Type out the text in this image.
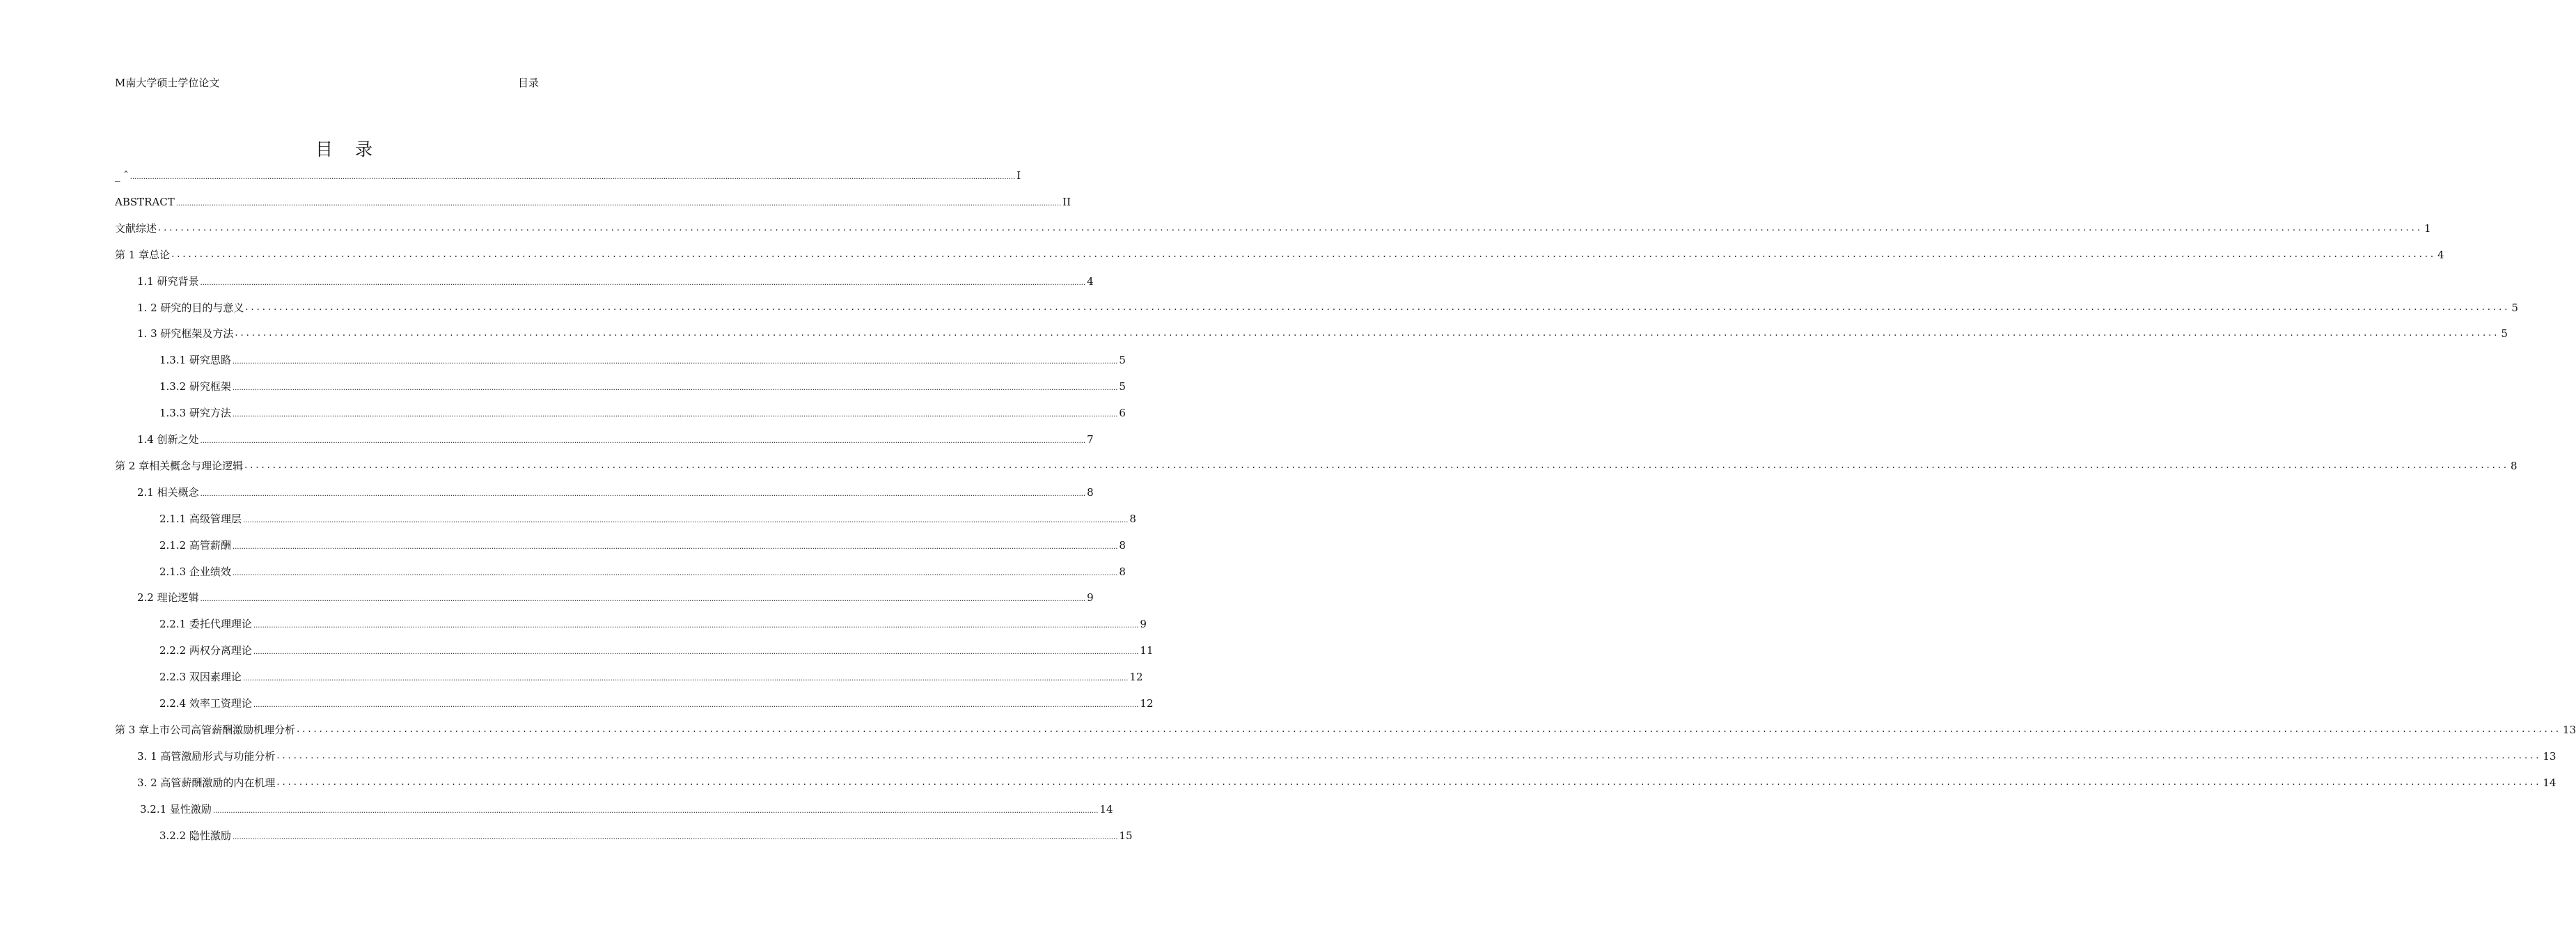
M南大学硕士学位论文	目录
目 录
_ ˆ ................................................................................................................................................................................................................................................................................................................................................................................................................ I
ABSTRACT ................................................................................................................................................................................................................................................................................................................................................................................................................ II
文献综述 ................................................................................................................................................................................................................................................................................................................................................................................................................ 1
第 1 章总论 ................................................................................................................................................................................................................................................................................................................................................................................................................ 4
1.1 研究背景 ................................................................................................................................................................................................................................................................................................................................................................................................................ 4
1. 2 研究的目的与意义 ................................................................................................................................................................................................................................................................................................................................................................................................................ 5
1. 3 研究框架及方法 ................................................................................................................................................................................................................................................................................................................................................................................................................ 5
1.3.1 研究思路 ................................................................................................................................................................................................................................................................................................................................................................................................................ 5
1.3.2 研究框架 ................................................................................................................................................................................................................................................................................................................................................................................................................ 5
1.3.3 研究方法 ................................................................................................................................................................................................................................................................................................................................................................................................................ 6
1.4 创新之处 ................................................................................................................................................................................................................................................................................................................................................................................................................ 7
第 2 章相关概念与理论逻辑 ................................................................................................................................................................................................................................................................................................................................................................................................................ 8
2.1 相关概念 ................................................................................................................................................................................................................................................................................................................................................................................................................ 8
2.1.1 高级管理层 ................................................................................................................................................................................................................................................................................................................................................................................................................ 8
2.1.2 高管薪酬 ................................................................................................................................................................................................................................................................................................................................................................................................................ 8
2.1.3 企业绩效 ................................................................................................................................................................................................................................................................................................................................................................................................................ 8
2.2 理论逻辑 ................................................................................................................................................................................................................................................................................................................................................................................................................ 9
2.2.1 委托代理理论 ................................................................................................................................................................................................................................................................................................................................................................................................................ 9
2.2.2 两权分离理论 ................................................................................................................................................................................................................................................................................................................................................................................................................ 11
2.2.3 双因素理论 ................................................................................................................................................................................................................................................................................................................................................................................................................ 12
2.2.4 效率工资理论 ................................................................................................................................................................................................................................................................................................................................................................................................................ 12
第 3 章上市公司高管薪酬激励机理分析 ................................................................................................................................................................................................................................................................................................................................................................................................................ 13
3. 1 高管激励形式与功能分析 ................................................................................................................................................................................................................................................................................................................................................................................................................ 13
3. 2 高管薪酬激励的内在机理 ................................................................................................................................................................................................................................................................................................................................................................................................................ 14
3.2.1 显性激励 ................................................................................................................................................................................................................................................................................................................................................................................................................ 14
3.2.2 隐性激励 ................................................................................................................................................................................................................................................................................................................................................................................................................ 15
